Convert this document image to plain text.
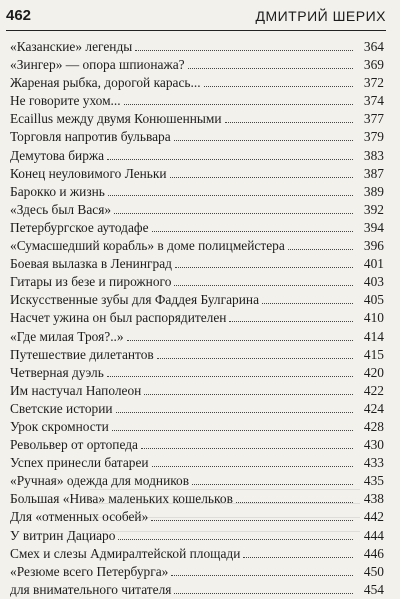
462	ДМИТРИЙ ШЕРИХ
«Казанские» легенды	364
«Зингер» — опора шпионажа?	369
Жареная рыбка, дорогой карась...	372
Не говорите ухом...	374
Ecaillus между двумя Конюшенными	377
Торговля напротив бульвара	379
Демутова биржа	383
Конец неуловимого Леньки	387
Барокко и жизнь	389
«Здесь был Вася»	392
Петербургское аутодафе	394
«Сумасшедший корабль» в доме полицмейстера	396
Боевая вылазка в Ленинград	401
Гитары из безе и пирожного	403
Искусственные зубы для Фаддея Булгарина	405
Насчет ужина он был распорядителен	410
«Где милая Троя?..»	414
Путешествие дилетантов	415
Четверная дуэль	420
Им настучал Наполеон	422
Светские истории	424
Урок скромности	428
Револьвер от ортопеда	430
Успех принесли батареи	433
«Ручная» одежда для модников	435
Большая «Нива» маленьких кошельков	438
Для «отменных особей»	442
У витрин Дациаро	444
Смех и слезы Адмиралтейской площади	446
«Резюме всего Петербурга»	450
для внимательного читателя	454
